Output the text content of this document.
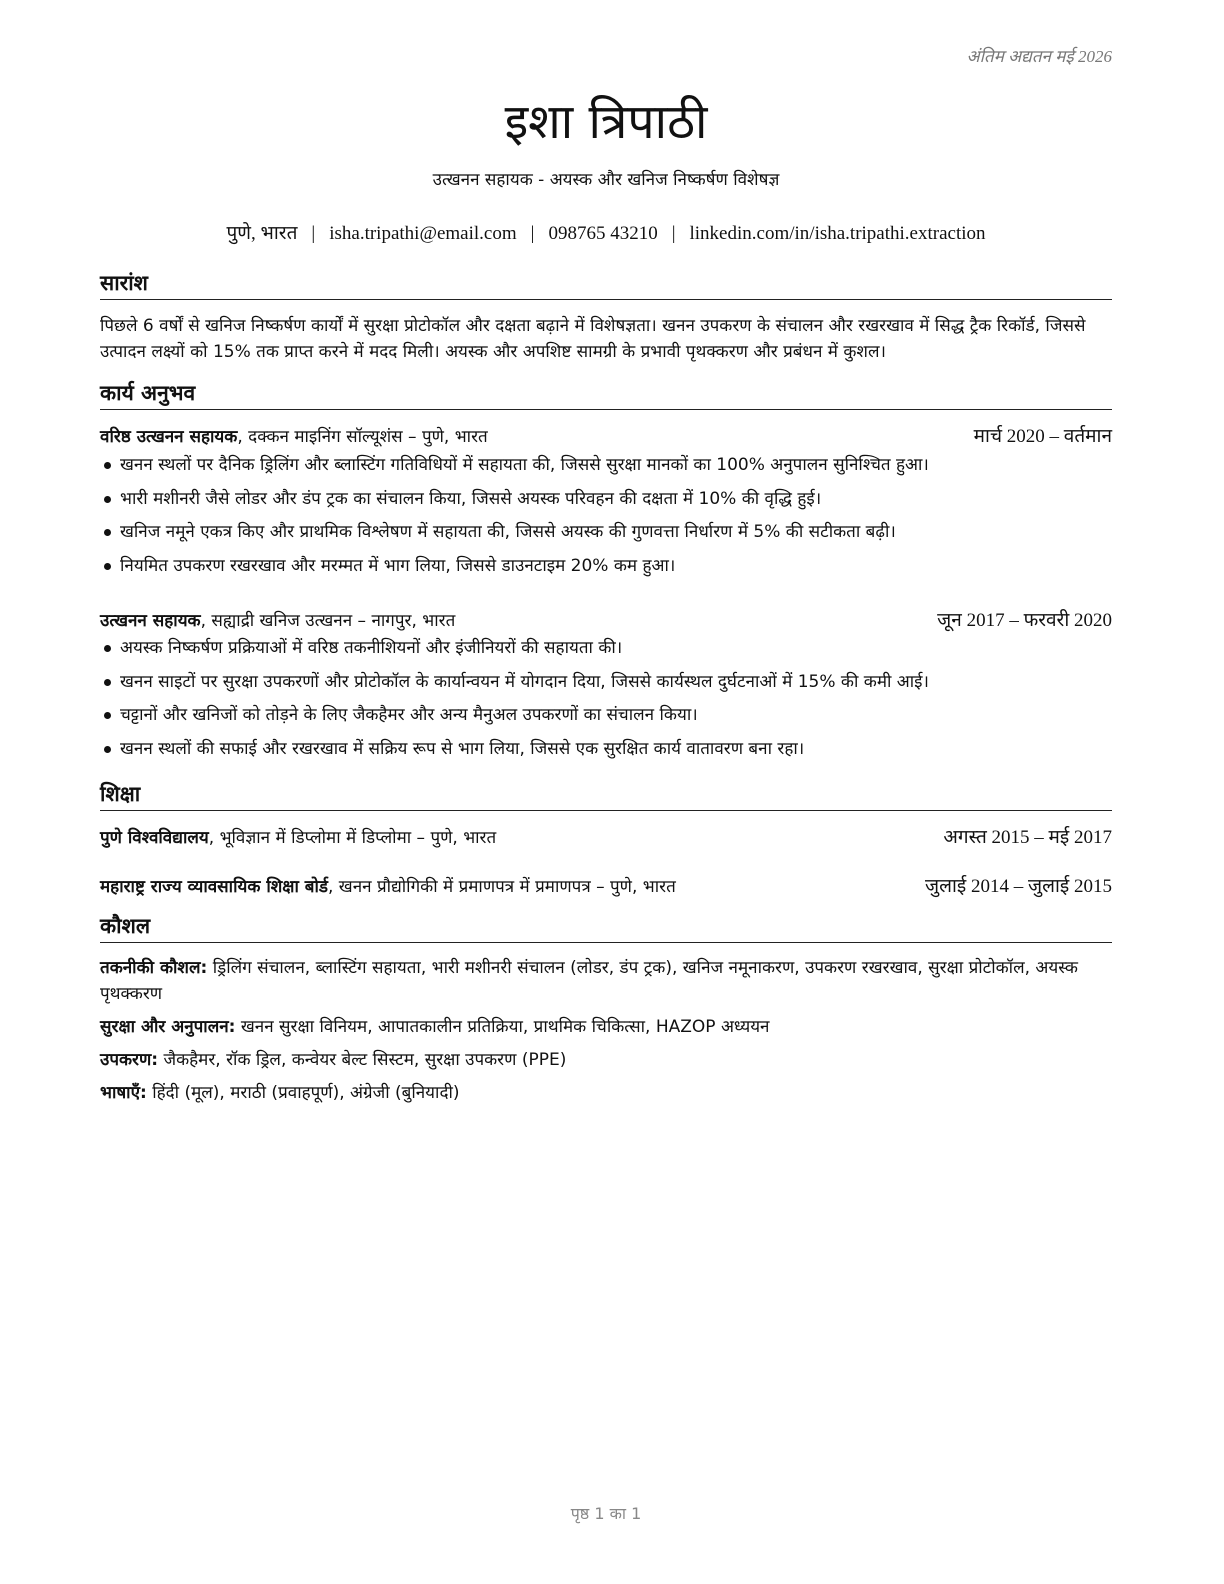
अंतिम अद्यतन मई 2026
इशा त्रिपाठी
उत्खनन सहायक - अयस्क और खनिज निष्कर्षण विशेषज्ञ
पुणे, भारत | isha.tripathi@email.com | 098765 43210 | linkedin.com/in/isha.tripathi.extraction
सारांश
पिछले 6 वर्षों से खनिज निष्कर्षण कार्यों में सुरक्षा प्रोटोकॉल और दक्षता बढ़ाने में विशेषज्ञता। खनन उपकरण के संचालन और रखरखाव में सिद्ध ट्रैक रिकॉर्ड, जिससे उत्पादन लक्ष्यों को 15% तक प्राप्त करने में मदद मिली। अयस्क और अपशिष्ट सामग्री के प्रभावी पृथक्करण और प्रबंधन में कुशल।
कार्य अनुभव
वरिष्ठ उत्खनन सहायक, दक्कन माइनिंग सॉल्यूशंस – पुणे, भारत	मार्च 2020 – वर्तमान
खनन स्थलों पर दैनिक ड्रिलिंग और ब्लास्टिंग गतिविधियों में सहायता की, जिससे सुरक्षा मानकों का 100% अनुपालन सुनिश्चित हुआ।
भारी मशीनरी जैसे लोडर और डंप ट्रक का संचालन किया, जिससे अयस्क परिवहन की दक्षता में 10% की वृद्धि हुई।
खनिज नमूने एकत्र किए और प्राथमिक विश्लेषण में सहायता की, जिससे अयस्क की गुणवत्ता निर्धारण में 5% की सटीकता बढ़ी।
नियमित उपकरण रखरखाव और मरम्मत में भाग लिया, जिससे डाउनटाइम 20% कम हुआ।
उत्खनन सहायक, सह्याद्री खनिज उत्खनन – नागपुर, भारत	जून 2017 – फरवरी 2020
अयस्क निष्कर्षण प्रक्रियाओं में वरिष्ठ तकनीशियनों और इंजीनियरों की सहायता की।
खनन साइटों पर सुरक्षा उपकरणों और प्रोटोकॉल के कार्यान्वयन में योगदान दिया, जिससे कार्यस्थल दुर्घटनाओं में 15% की कमी आई।
चट्टानों और खनिजों को तोड़ने के लिए जैकहैमर और अन्य मैनुअल उपकरणों का संचालन किया।
खनन स्थलों की सफाई और रखरखाव में सक्रिय रूप से भाग लिया, जिससे एक सुरक्षित कार्य वातावरण बना रहा।
शिक्षा
पुणे विश्वविद्यालय, भूविज्ञान में डिप्लोमा में डिप्लोमा – पुणे, भारत	अगस्त 2015 – मई 2017
महाराष्ट्र राज्य व्यावसायिक शिक्षा बोर्ड, खनन प्रौद्योगिकी में प्रमाणपत्र में प्रमाणपत्र – पुणे, भारत	जुलाई 2014 – जुलाई 2015
कौशल
तकनीकी कौशल: ड्रिलिंग संचालन, ब्लास्टिंग सहायता, भारी मशीनरी संचालन (लोडर, डंप ट्रक), खनिज नमूनाकरण, उपकरण रखरखाव, सुरक्षा प्रोटोकॉल, अयस्क पृथक्करण
सुरक्षा और अनुपालन: खनन सुरक्षा विनियम, आपातकालीन प्रतिक्रिया, प्राथमिक चिकित्सा, HAZOP अध्ययन
उपकरण: जैकहैमर, रॉक ड्रिल, कन्वेयर बेल्ट सिस्टम, सुरक्षा उपकरण (PPE)
भाषाएँ: हिंदी (मूल), मराठी (प्रवाहपूर्ण), अंग्रेजी (बुनियादी)
पृष्ठ 1 का 1
